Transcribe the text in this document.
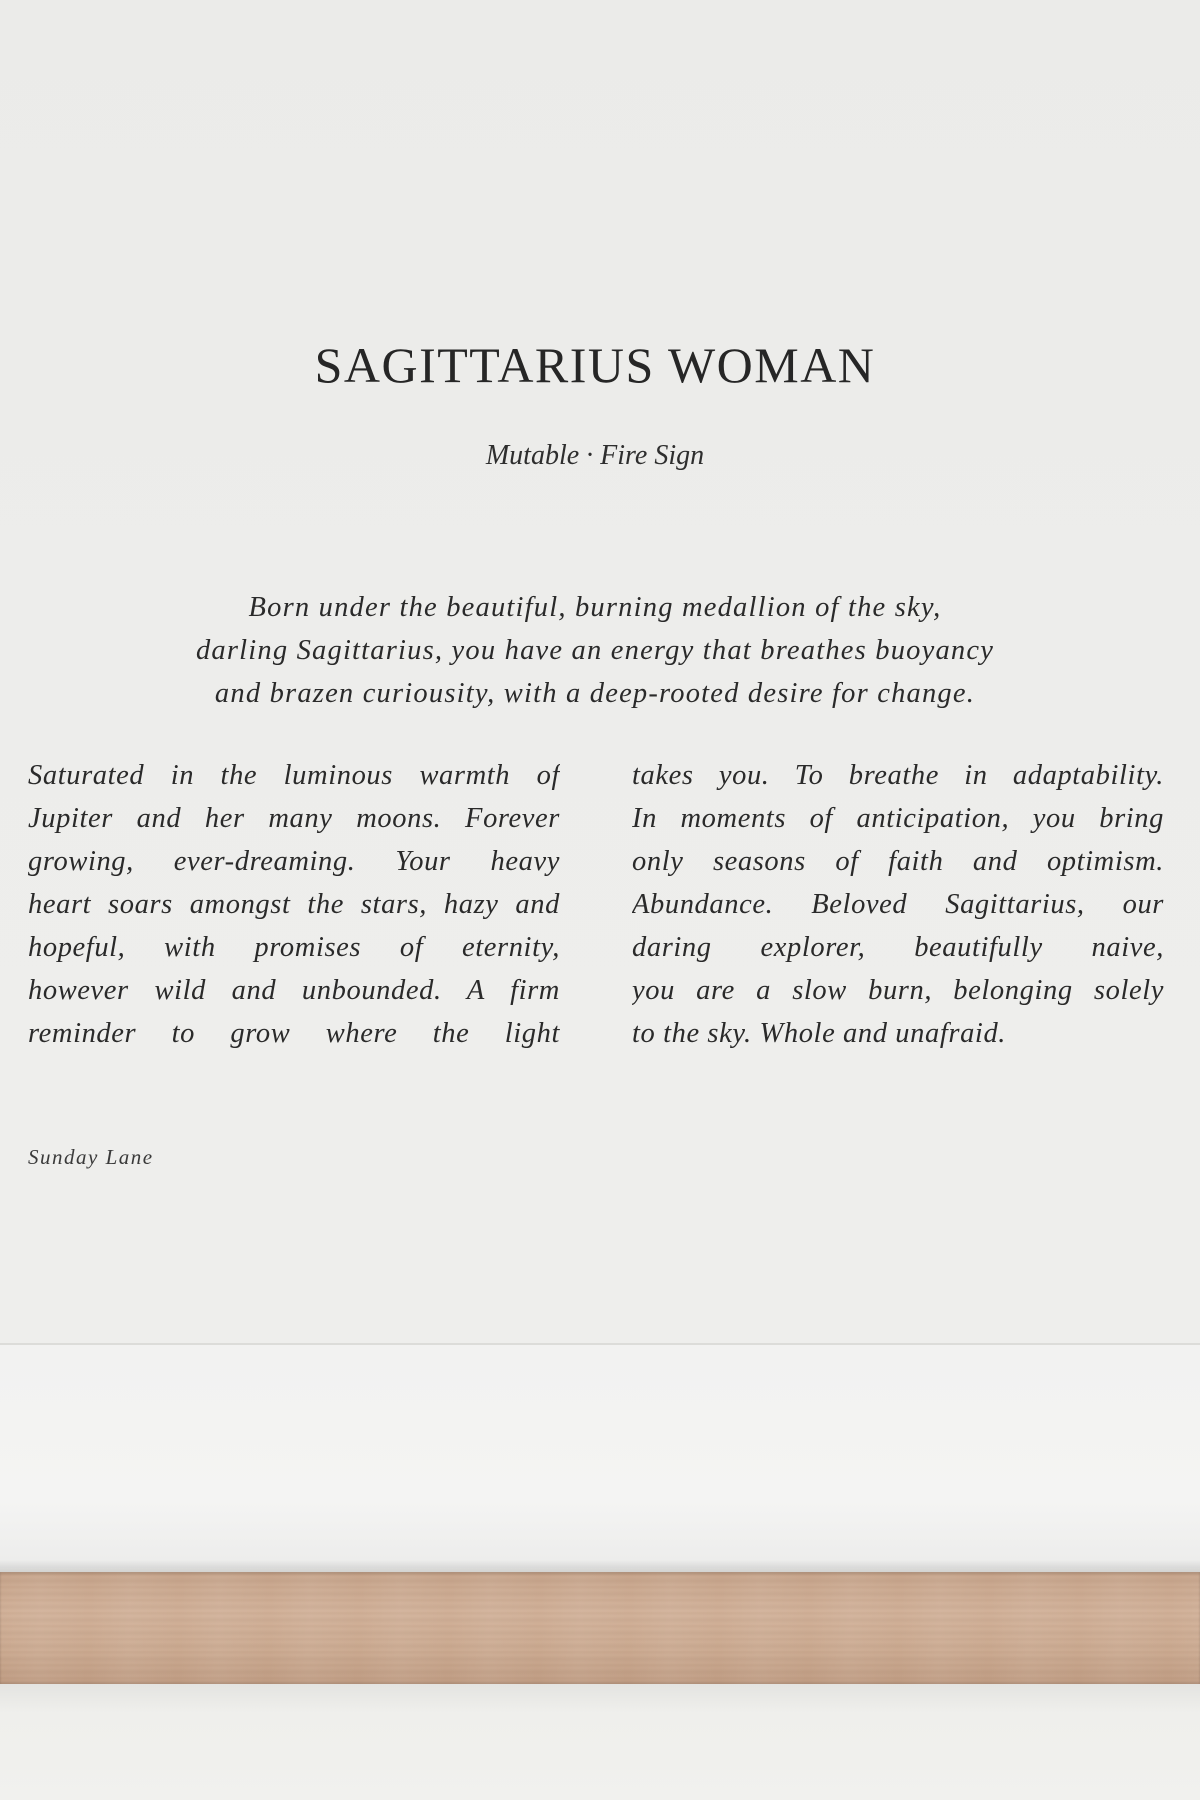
SAGITTARIUS WOMAN

Mutable · Fire Sign

Born under the beautiful, burning medallion of the sky,
darling Sagittarius, you have an energy that breathes buoyancy
and brazen curiousity, with a deep-rooted desire for change.

Saturated in the luminous warmth of
Jupiter and her many moons. Forever
growing, ever-dreaming. Your heavy
heart soars amongst the stars, hazy and
hopeful, with promises of eternity,
however wild and unbounded. A firm
reminder to grow where the light
takes you. To breathe in adaptability.
In moments of anticipation, you bring
only seasons of faith and optimism.
Abundance. Beloved Sagittarius, our
daring explorer, beautifully naive,
you are a slow burn, belonging solely
to the sky. Whole and unafraid.

Sunday Lane
